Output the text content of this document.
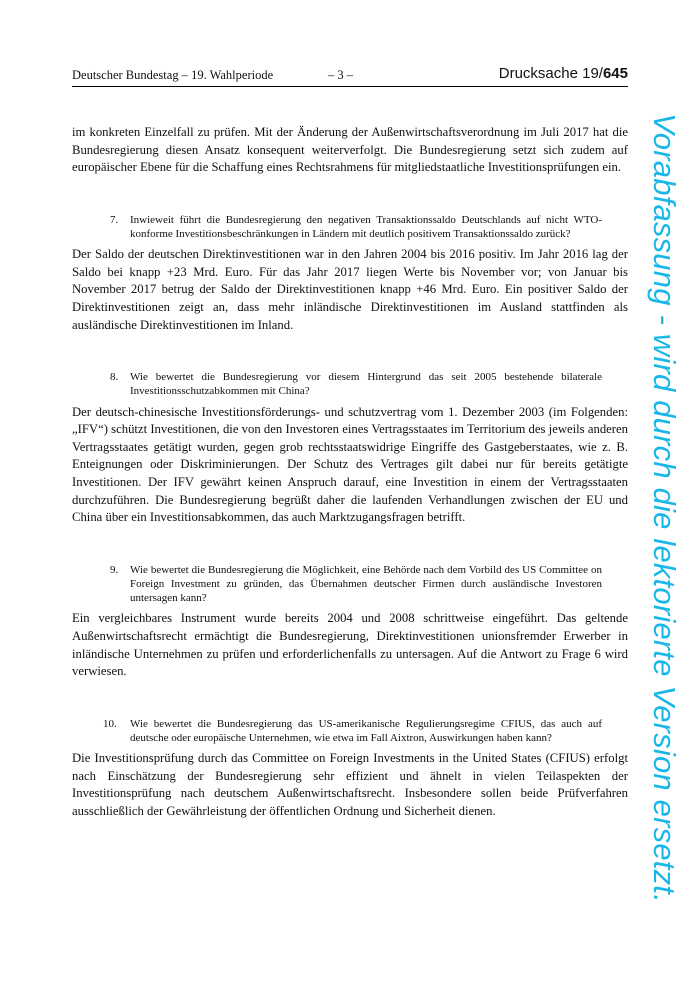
Deutscher Bundestag – 19. Wahlperiode	– 3 –	Drucksache 19/645

im konkreten Einzelfall zu prüfen. Mit der Änderung der Außenwirtschaftsverordnung im Juli 2017 hat die Bundesregierung diesen Ansatz konsequent weiterverfolgt. Die Bundesregierung setzt sich zudem auf europäischer Ebene für die Schaffung eines Rechtsrahmens für mitgliedstaatliche Investitionsprüfungen ein.

7. Inwieweit führt die Bundesregierung den negativen Transaktionssaldo Deutschlands auf nicht WTO-konforme Investitionsbeschränkungen in Ländern mit deutlich positivem Transaktionssaldo zurück?

Der Saldo der deutschen Direktinvestitionen war in den Jahren 2004 bis 2016 positiv. Im Jahr 2016 lag der Saldo bei knapp +23 Mrd. Euro. Für das Jahr 2017 liegen Werte bis November vor; von Januar bis November 2017 betrug der Saldo der Direktinvestitionen knapp +46 Mrd. Euro. Ein positiver Saldo der Direktinvestitionen zeigt an, dass mehr inländische Direktinvestitionen im Ausland stattfinden als ausländische Direktinvestitionen im Inland.

8. Wie bewertet die Bundesregierung vor diesem Hintergrund das seit 2005 bestehende bilaterale Investitionsschutzabkommen mit China?

Der deutsch-chinesische Investitionsförderungs- und schutzvertrag vom 1. Dezember 2003 (im Folgenden: „IFV“) schützt Investitionen, die von den Investoren eines Vertragsstaates im Territorium des jeweils anderen Vertragsstaates getätigt wurden, gegen grob rechtsstaatswidrige Eingriffe des Gastgeberstaates, wie z. B. Enteignungen oder Diskriminierungen. Der Schutz des Vertrages gilt dabei nur für bereits getätigte Investitionen. Der IFV gewährt keinen Anspruch darauf, eine Investition in einem der Vertragsstaaten durchzuführen. Die Bundesregierung begrüßt daher die laufenden Verhandlungen zwischen der EU und China über ein Investitionsabkommen, das auch Marktzugangsfragen betrifft.

9. Wie bewertet die Bundesregierung die Möglichkeit, eine Behörde nach dem Vorbild des US Committee on Foreign Investment zu gründen, das Übernahmen deutscher Firmen durch ausländische Investoren untersagen kann?

Ein vergleichbares Instrument wurde bereits 2004 und 2008 schrittweise eingeführt. Das geltende Außenwirtschaftsrecht ermächtigt die Bundesregierung, Direktinvestitionen unionsfremder Erwerber in inländische Unternehmen zu prüfen und erforderlichenfalls zu untersagen. Auf die Antwort zu Frage 6 wird verwiesen.

10. Wie bewertet die Bundesregierung das US-amerikanische Regulierungsregime CFIUS, das auch auf deutsche oder europäische Unternehmen, wie etwa im Fall Aixtron, Auswirkungen haben kann?

Die Investitionsprüfung durch das Committee on Foreign Investments in the United States (CFIUS) erfolgt nach Einschätzung der Bundesregierung sehr effizient und ähnelt in vielen Teilaspekten der Investitionsprüfung nach deutschem Außenwirtschaftsrecht. Insbesondere sollen beide Prüfverfahren ausschließlich der Gewährleistung der öffentlichen Ordnung und Sicherheit dienen.	Vorabfassung - wird durch die lektorierte Version ersetzt.
